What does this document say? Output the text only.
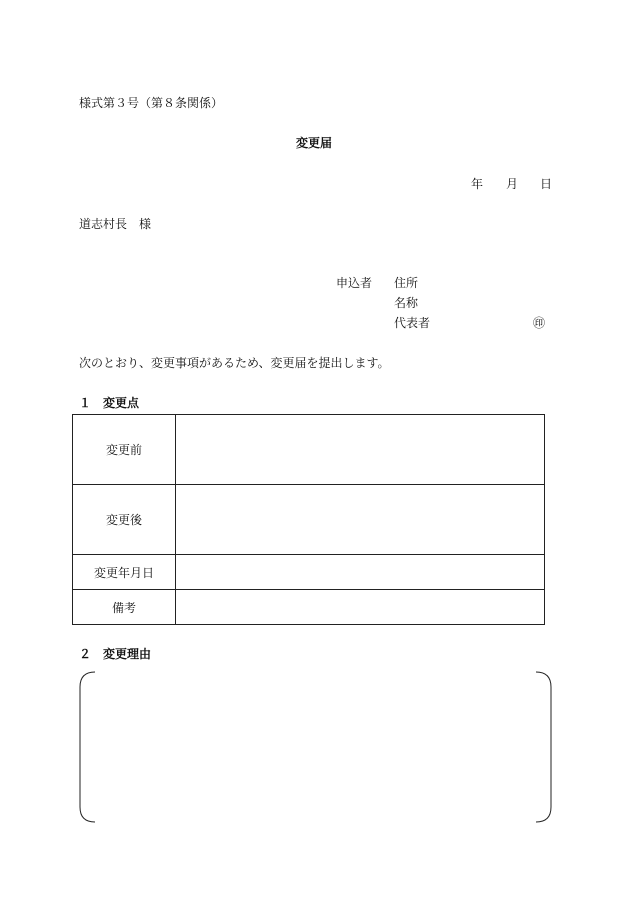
様式第３号（第８条関係）
変更届
年 月 日
道志村長　様
申込者 住所
名称
代表者	㊞
次のとおり、変更事項があるため、変更届を提出します。
１　変更点
変更前	
変更後	
変更年月日	
備考	
２　変更理由
